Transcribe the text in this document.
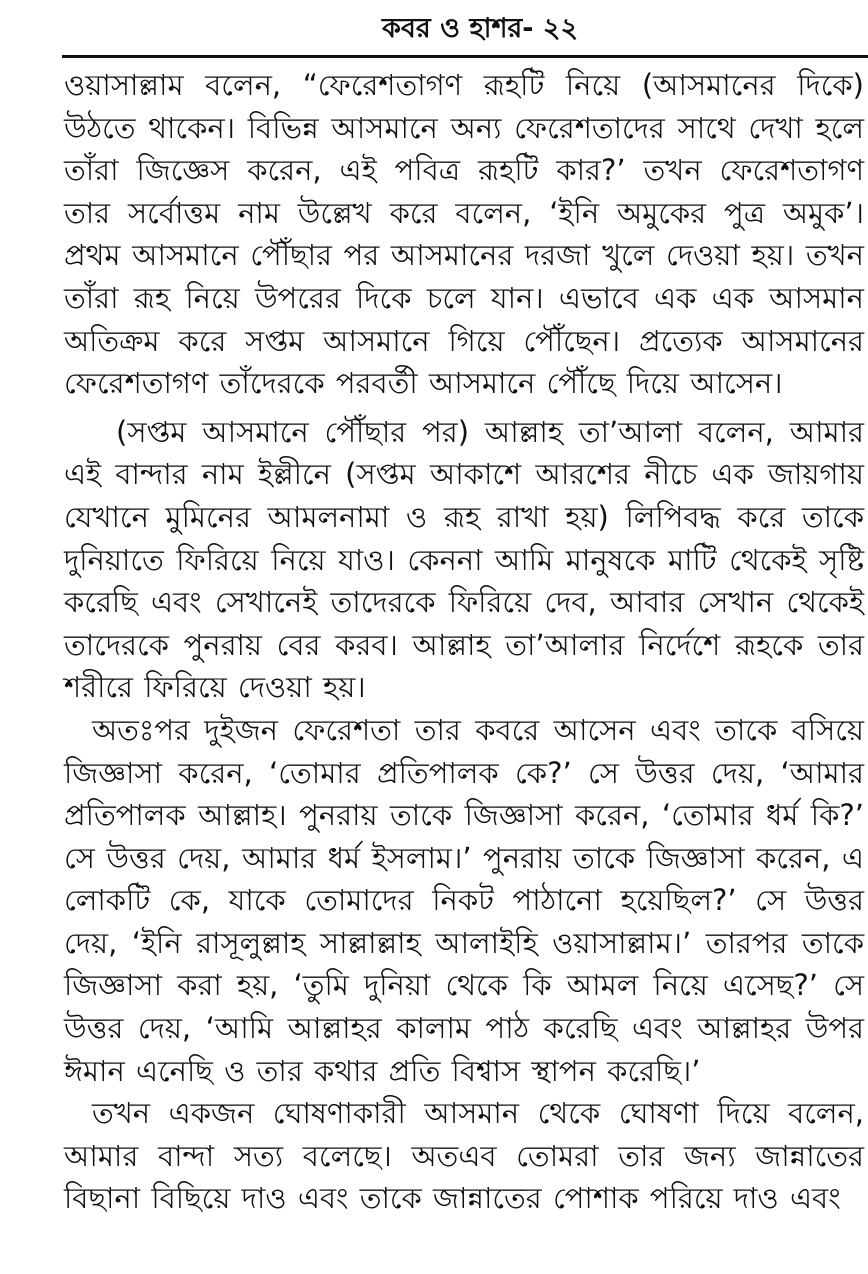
কবর ও হাশর- ২২

ওয়াসাল্লাম বলেন, “ফেরেশতাগণ রূহটি নিয়ে (আসমানের দিকে) উঠতে থাকেন। বিভিন্ন আসমানে অন্য ফেরেশতাদের সাথে দেখা হলে তাঁরা জিজ্ঞেস করেন, এই পবিত্র রূহটি কার?’ তখন ফেরেশতাগণ তার সর্বোত্তম নাম উল্লেখ করে বলেন, ‘ইনি অমুকের পুত্র অমুক’। প্রথম আসমানে পৌঁছার পর আসমানের দরজা খুলে দেওয়া হয়। তখন তাঁরা রূহ নিয়ে উপরের দিকে চলে যান। এভাবে এক এক আসমান অতিক্রম করে সপ্তম আসমানে গিয়ে পৌঁছেন। প্রত্যেক আসমানের ফেরেশতাগণ তাঁদেরকে পরবর্তী আসমানে পৌঁছে দিয়ে আসেন।

(সপ্তম আসমানে পৌঁছার পর) আল্লাহ তা’আলা বলেন, আমার এই বান্দার নাম ইল্লীনে (সপ্তম আকাশে আরশের নীচে এক জায়গায় যেখানে মুমিনের আমলনামা ও রূহ রাখা হয়) লিপিবদ্ধ করে তাকে দুনিয়াতে ফিরিয়ে নিয়ে যাও। কেননা আমি মানুষকে মাটি থেকেই সৃষ্টি করেছি এবং সেখানেই তাদেরকে ফিরিয়ে দেব, আবার সেখান থেকেই তাদেরকে পুনরায় বের করব। আল্লাহ তা’আলার নির্দেশে রূহকে তার শরীরে ফিরিয়ে দেওয়া হয়।

অতঃপর দুইজন ফেরেশতা তার কবরে আসেন এবং তাকে বসিয়ে জিজ্ঞাসা করেন, ‘তোমার প্রতিপালক কে?’ সে উত্তর দেয়, ‘আমার প্রতিপালক আল্লাহ। পুনরায় তাকে জিজ্ঞাসা করেন, ‘তোমার ধর্ম কি?’ সে উত্তর দেয়, আমার ধর্ম ইসলাম।’ পুনরায় তাকে জিজ্ঞাসা করেন, এ লোকটি কে, যাকে তোমাদের নিকট পাঠানো হয়েছিল?’ সে উত্তর দেয়, ‘ইনি রাসূলুল্লাহ সাল্লাল্লাহ আলাইহি ওয়াসাল্লাম।’ তারপর তাকে জিজ্ঞাসা করা হয়, ‘তুমি দুনিয়া থেকে কি আমল নিয়ে এসেছ?’ সে উত্তর দেয়, ‘আমি আল্লাহর কালাম পাঠ করেছি এবং আল্লাহর উপর ঈমান এনেছি ও তার কথার প্রতি বিশ্বাস স্থাপন করেছি।’

তখন একজন ঘোষণাকারী আসমান থেকে ঘোষণা দিয়ে বলেন, আমার বান্দা সত্য বলেছে। অতএব তোমরা তার জন্য জান্নাতের বিছানা বিছিয়ে দাও এবং তাকে জান্নাতের পোশাক পরিয়ে দাও এবং
